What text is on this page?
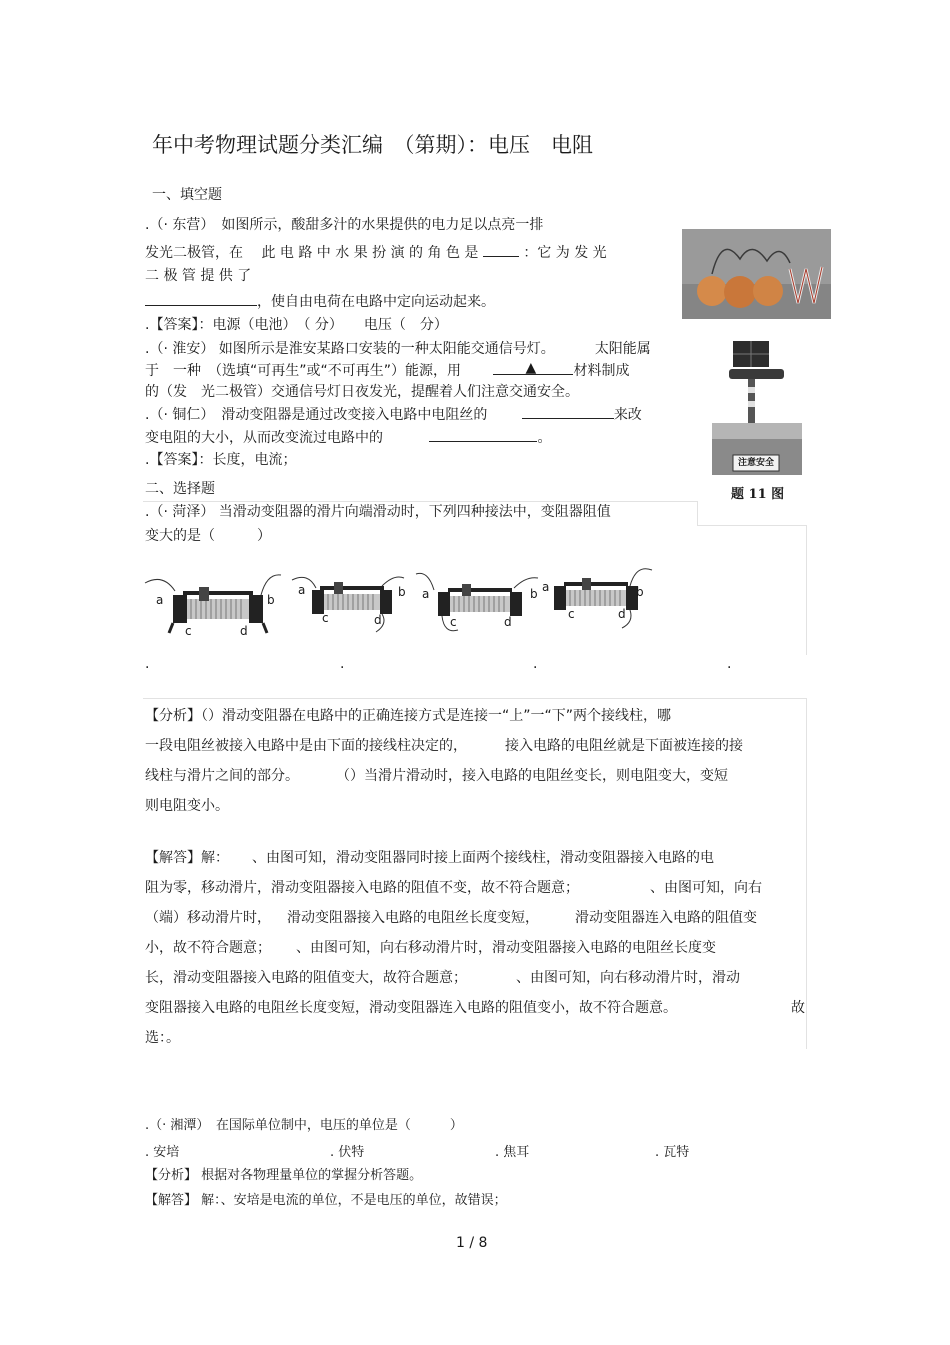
年中考物理试题分类汇编　（第期）：电压　电阻
一、填空题
.（· 东营）　如图所示，酸甜多汁的水果提供的电力足以点亮一排
发光二极管，在　 此 电 路 中 水 果 扮 演 的 角 色 是	：它 为 发 光
二 极 管 提 供 了
，使自由电荷在电路中定向运动起来。
.【答案】：电源（电池）　（ 分）　　电压（　分）
.（· 淮安） 如图所示是淮安某路口安装的一种太阳能交通信号灯。	太阳能属
于　一种　（选填“可再生”或“不可再生”）能源，用	▲	材料制成
的（发　光二极管）交通信号灯日夜发光，提醒着人们注意交通安全。
注意安全
题 11 图
.（· 铜仁）　滑动变阻器是通过改变接入电路中电阻丝的	来改
变电阻的大小，从而改变流过电路中的	。
.【答案】：长度，电流；
二、选择题
.（· 菏泽） 当滑动变阻器的滑片向端滑动时，下列四种接法中，变阻器阻值
变大的是（　　　）
a	b
c	d
a	b
c	d
a	b
c	d
a	b
c	d
.	.	.	.
【分析】（）滑动变阻器在电路中的正确连接方式是连接一“上”一“下”两个接线柱，哪
一段电阻丝被接入电路中是由下面的接线柱决定的，	接入电路的电阻丝就是下面被连接的接
线柱与滑片之间的部分。	（）当滑片滑动时，接入电路的电阻丝变长，则电阻变大，变短
则电阻变小。
【解答】解： 、由图可知，滑动变阻器同时接上面两个接线柱，滑动变阻器接入电路的电
阻为零，移动滑片，滑动变阻器接入电路的阻值不变，故不符合题意；	、由图可知，向右
（端）移动滑片时， 滑动变阻器接入电路的电阻丝长度变短，	滑动变阻器连入电路的阻值变
小，故不符合题意； 、由图可知，向右移动滑片时，滑动变阻器接入电路的电阻丝长度变
长，滑动变阻器接入电路的阻值变大，故符合题意；	、由图可知，向右移动滑片时，滑动
变阻器接入电路的电阻丝长度变短，滑动变阻器连入电路的阻值变小，故不符合题意。	故
选：。
.（· 湘潭）　在国际单位制中，电压的单位是（　　　）
. 安培	. 伏特	. 焦耳	. 瓦特
【分析】 根据对各物理量单位的掌握分析答题。
【解答】 解：、安培是电流的单位，不是电压的单位，故错误；
1 / 8
